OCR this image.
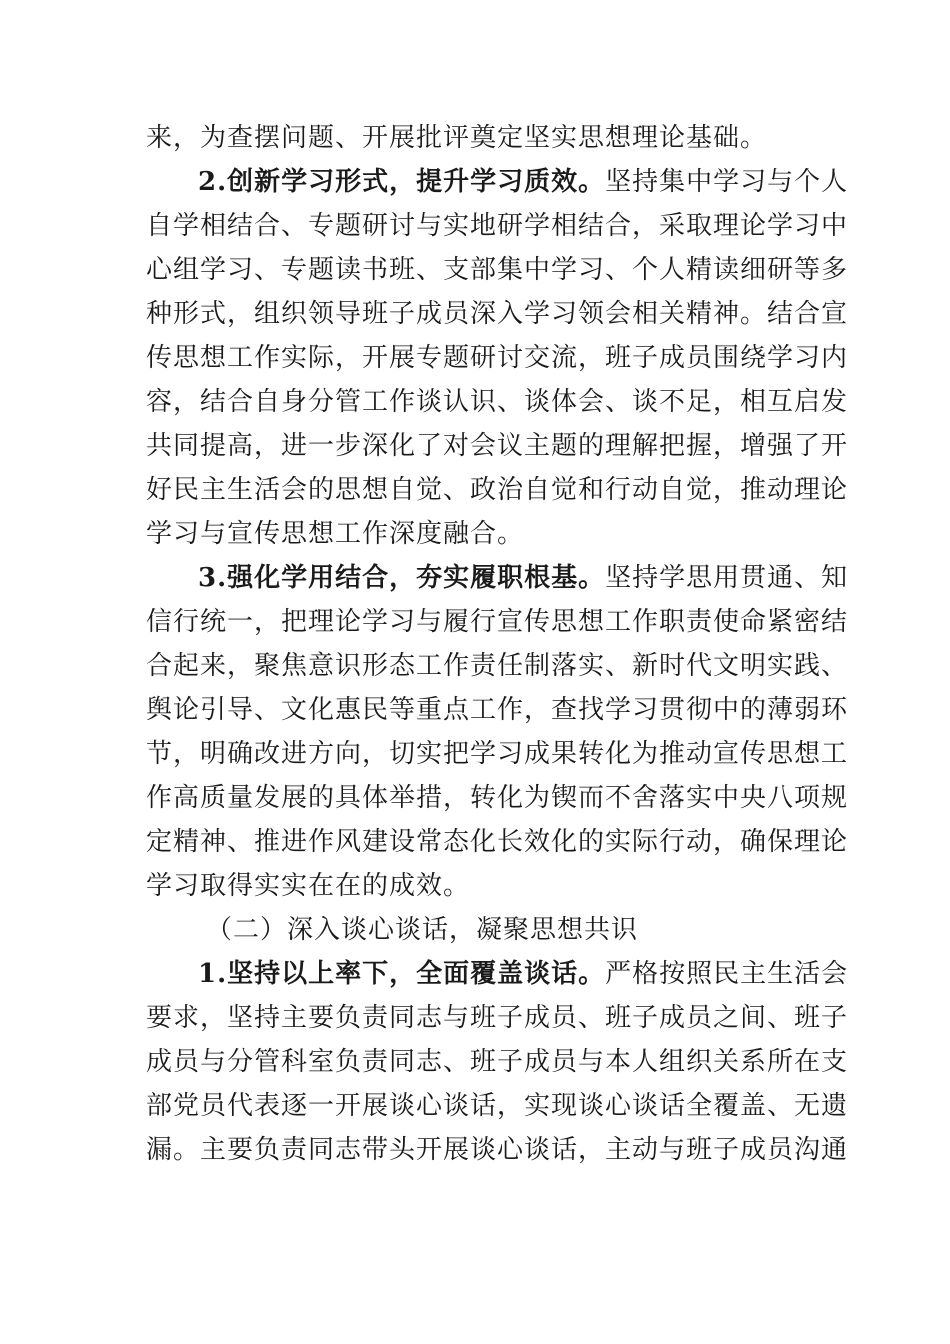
来，为查摆问题、开展批评奠定坚实思想理论基础。
2.创新学习形式，提升学习质效。坚持集中学习与个人
自学相结合、专题研讨与实地研学相结合，采取理论学习中
心组学习、专题读书班、支部集中学习、个人精读细研等多
种形式，组织领导班子成员深入学习领会相关精神。结合宣
传思想工作实际，开展专题研讨交流，班子成员围绕学习内
容，结合自身分管工作谈认识、谈体会、谈不足，相互启发
共同提高，进一步深化了对会议主题的理解把握，增强了开
好民主生活会的思想自觉、政治自觉和行动自觉，推动理论
学习与宣传思想工作深度融合。
3.强化学用结合，夯实履职根基。坚持学思用贯通、知
信行统一，把理论学习与履行宣传思想工作职责使命紧密结
合起来，聚焦意识形态工作责任制落实、新时代文明实践、
舆论引导、文化惠民等重点工作，查找学习贯彻中的薄弱环
节，明确改进方向，切实把学习成果转化为推动宣传思想工
作高质量发展的具体举措，转化为锲而不舍落实中央八项规
定精神、推进作风建设常态化长效化的实际行动，确保理论
学习取得实实在在的成效。
（二）深入谈心谈话，凝聚思想共识
1.坚持以上率下，全面覆盖谈话。严格按照民主生活会
要求，坚持主要负责同志与班子成员、班子成员之间、班子
成员与分管科室负责同志、班子成员与本人组织关系所在支
部党员代表逐一开展谈心谈话，实现谈心谈话全覆盖、无遗
漏。主要负责同志带头开展谈心谈话，主动与班子成员沟通
